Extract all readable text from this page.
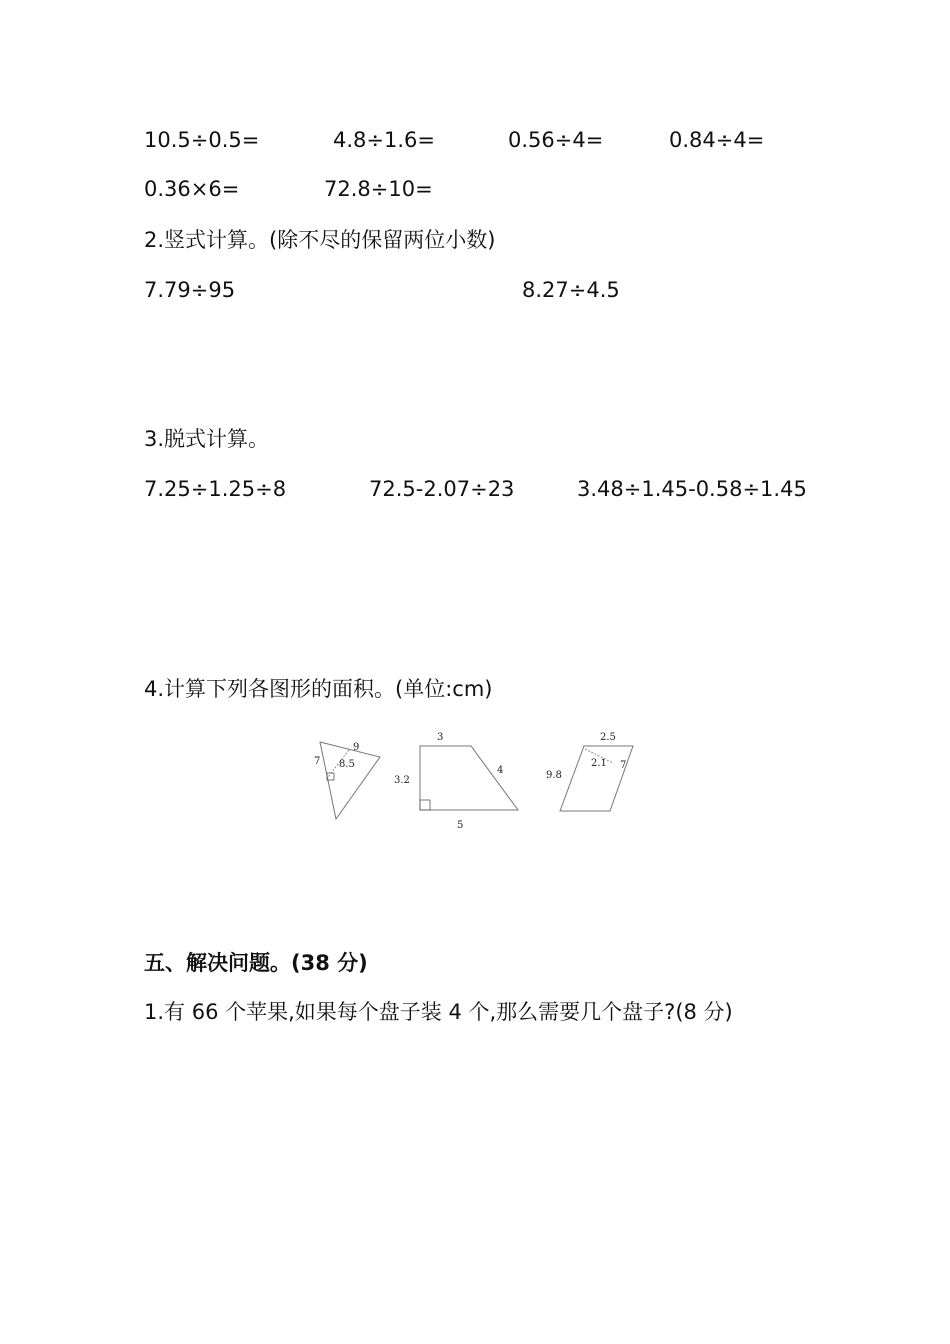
10.5÷0.5=	4.8÷1.6=	0.56÷4=	0.84÷4=
0.36×6=	72.8÷10=
2.竖式计算。(除不尽的保留两位小数)
7.79÷95	8.27÷4.5
3.脱式计算。
7.25÷1.25÷8	72.5-2.07÷23	3.48÷1.45-0.58÷1.45
4.计算下列各图形的面积。(单位:cm)
9
7 8.5
3
3.2
4
5
2.5
2.1 7
9.8
五、解决问题。(38 分)
1.有 66 个苹果,如果每个盘子装 4 个,那么需要几个盘子?(8 分)
